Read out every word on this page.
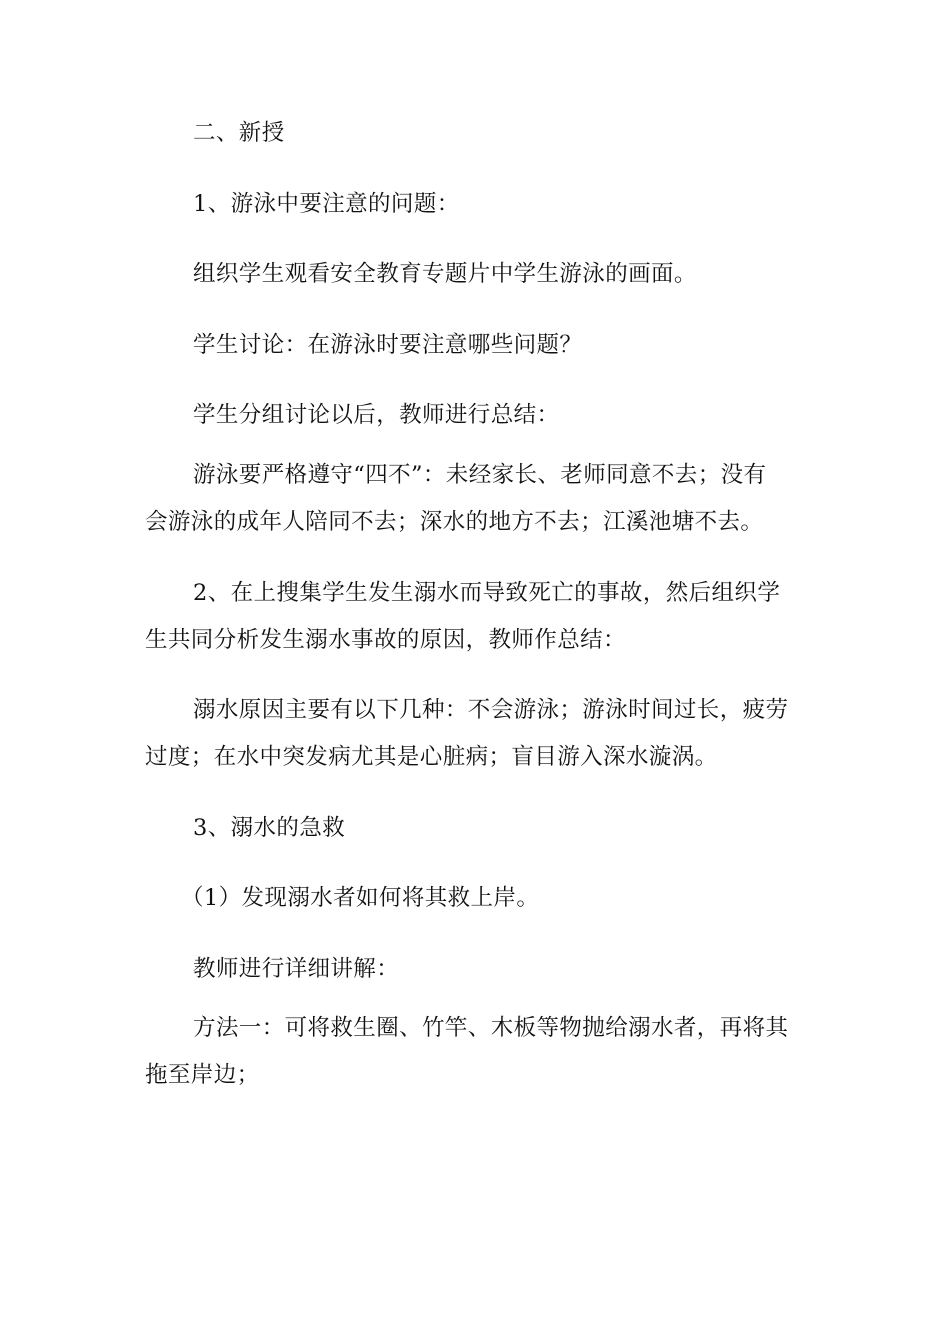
二、新授
1、游泳中要注意的问题：
组织学生观看安全教育专题片中学生游泳的画面。
学生讨论：在游泳时要注意哪些问题？
学生分组讨论以后，教师进行总结：
游泳要严格遵守“四不”：未经家长、老师同意不去；没有
会游泳的成年人陪同不去；深水的地方不去；江溪池塘不去。
2、在上搜集学生发生溺水而导致死亡的事故，然后组织学
生共同分析发生溺水事故的原因，教师作总结：
溺水原因主要有以下几种：不会游泳；游泳时间过长，疲劳
过度；在水中突发病尤其是心脏病；盲目游入深水漩涡。
3、溺水的急救
（1）发现溺水者如何将其救上岸。
教师进行详细讲解：
方法一：可将救生圈、竹竿、木板等物抛给溺水者，再将其
拖至岸边；
